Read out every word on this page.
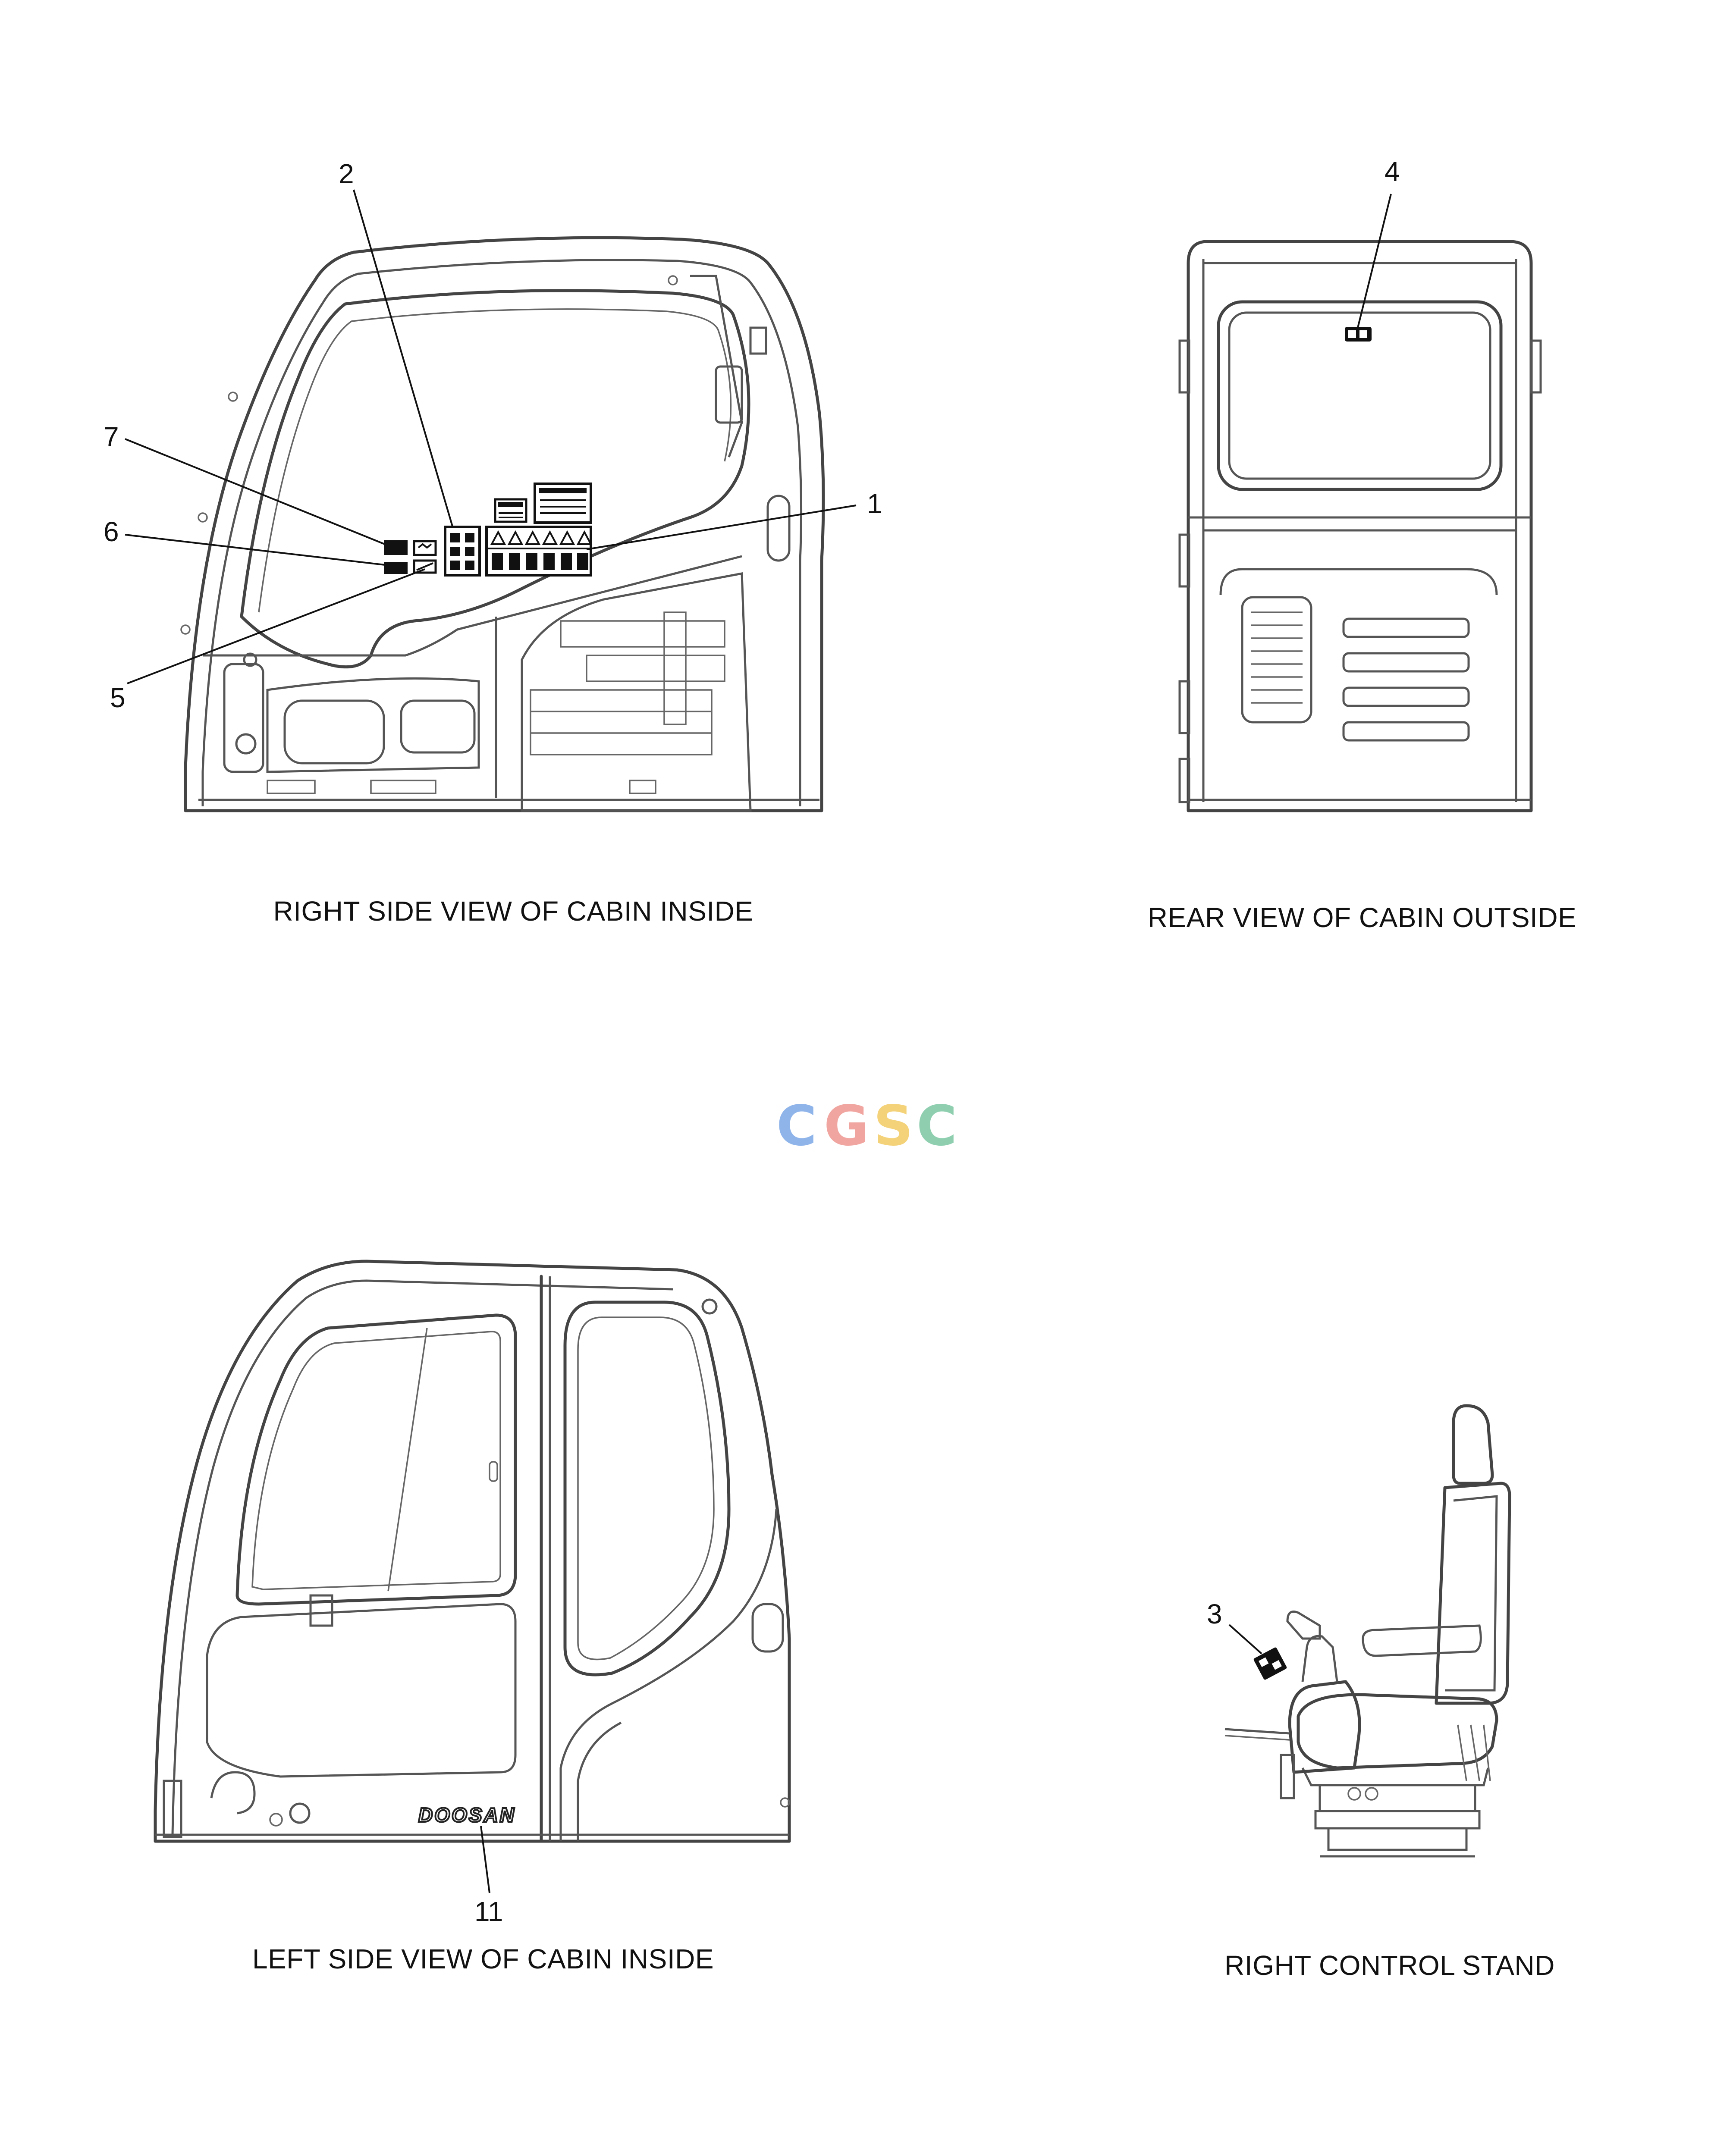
1
2
7
6
5
RIGHT SIDE VIEW OF CABIN INSIDE
4
REAR VIEW OF CABIN OUTSIDE
C G S C
DOOSAN
11
LEFT SIDE VIEW OF CABIN INSIDE
3
RIGHT CONTROL STAND
